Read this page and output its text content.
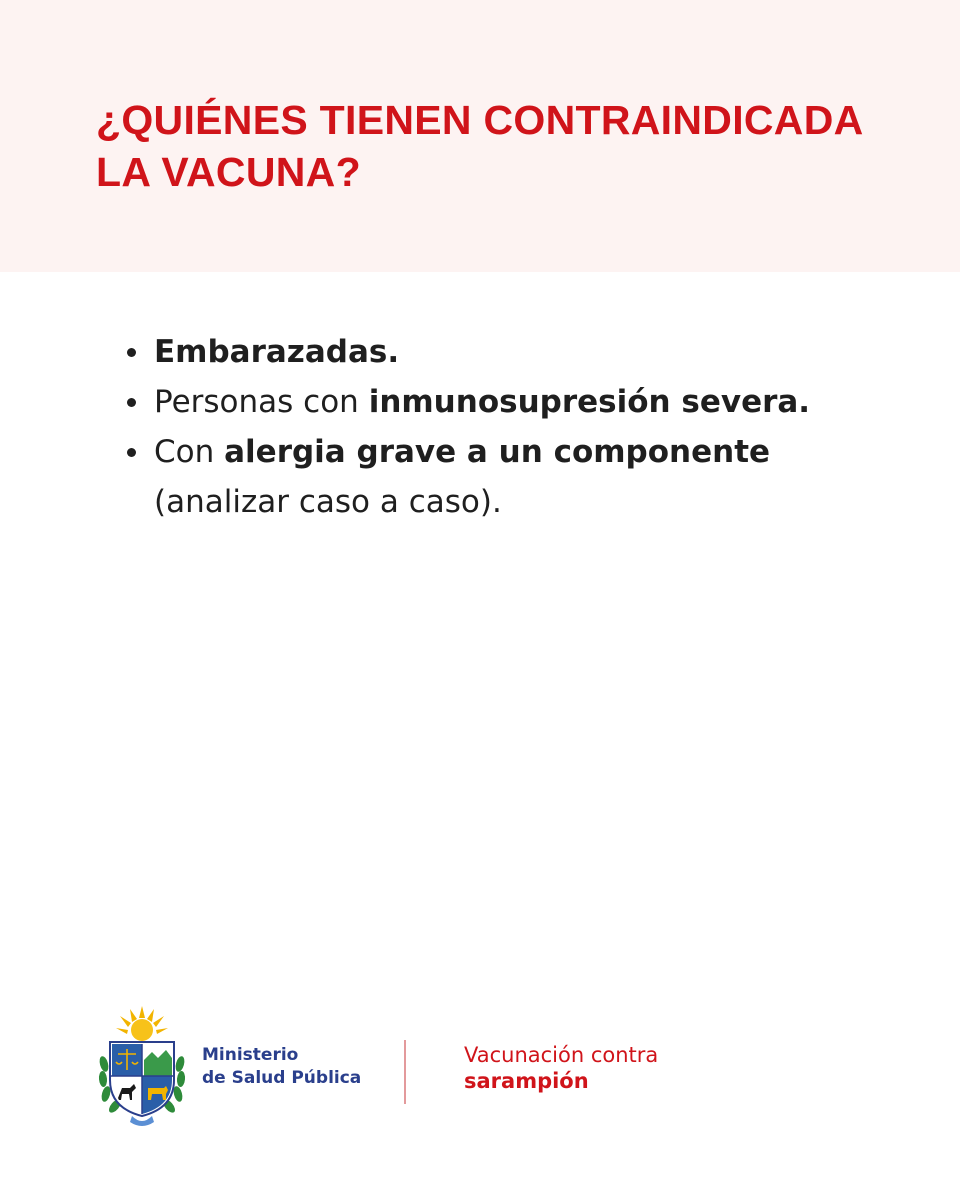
¿QUIÉNES TIENEN CONTRAINDICADA
LA VACUNA?
Embarazadas.
Personas con inmunosupresión severa.
Con alergia grave a un componente
(analizar caso a caso).
Ministerio
de Salud Pública
Vacunación contra
sarampión
